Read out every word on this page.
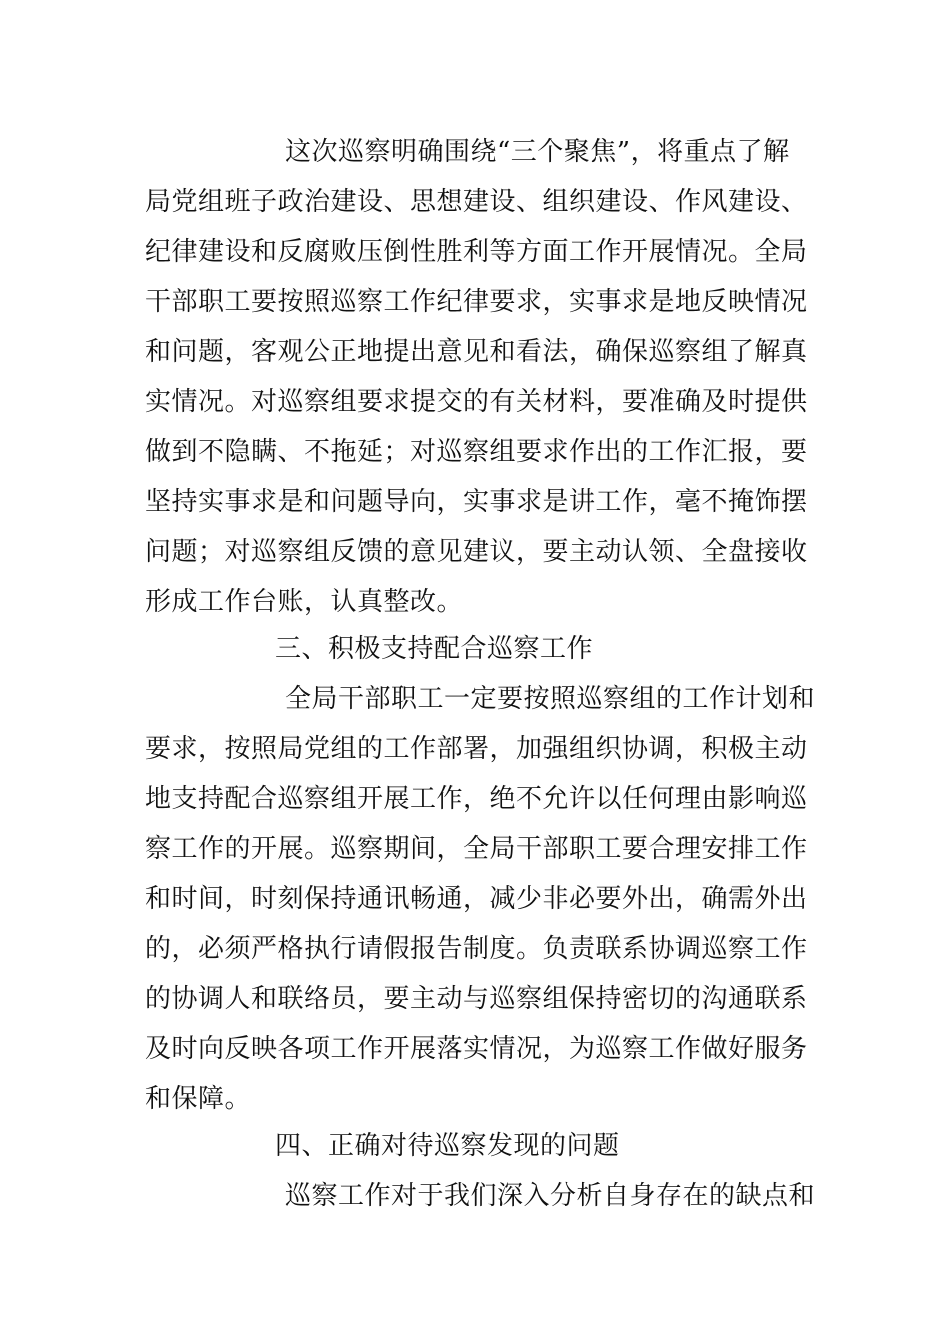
这次巡察明确围绕“三个聚焦”，将重点了解
局党组班子政治建设、思想建设、组织建设、作风建设、
纪律建设和反腐败压倒性胜利等方面工作开展情况。全局
干部职工要按照巡察工作纪律要求，实事求是地反映情况
和问题，客观公正地提出意见和看法，确保巡察组了解真
实情况。对巡察组要求提交的有关材料，要准确及时提供
做到不隐瞒、不拖延；对巡察组要求作出的工作汇报，要
坚持实事求是和问题导向，实事求是讲工作，毫不掩饰摆
问题；对巡察组反馈的意见建议，要主动认领、全盘接收
形成工作台账，认真整改。
三、积极支持配合巡察工作
全局干部职工一定要按照巡察组的工作计划和
要求，按照局党组的工作部署，加强组织协调，积极主动
地支持配合巡察组开展工作，绝不允许以任何理由影响巡
察工作的开展。巡察期间，全局干部职工要合理安排工作
和时间，时刻保持通讯畅通，减少非必要外出，确需外出
的，必须严格执行请假报告制度。负责联系协调巡察工作
的协调人和联络员，要主动与巡察组保持密切的沟通联系
及时向反映各项工作开展落实情况，为巡察工作做好服务
和保障。
四、正确对待巡察发现的问题
巡察工作对于我们深入分析自身存在的缺点和
